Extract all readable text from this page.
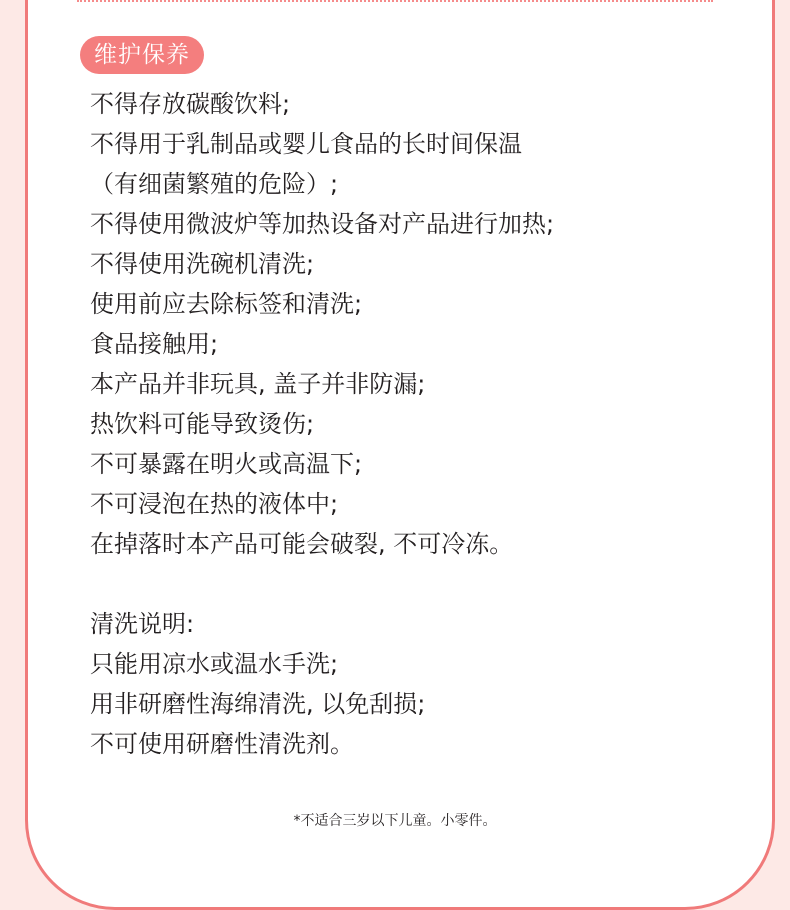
维护保养
不得存放碳酸饮料;
不得用于乳制品或婴儿食品的长时间保温
（有细菌繁殖的危险）;
不得使用微波炉等加热设备对产品进行加热;
不得使用洗碗机清洗;
使用前应去除标签和清洗;
食品接触用;
本产品并非玩具, 盖子并非防漏;
热饮料可能导致烫伤;
不可暴露在明火或高温下;
不可浸泡在热的液体中;
在掉落时本产品可能会破裂, 不可冷冻。
清洗说明:
只能用凉水或温水手洗;
用非研磨性海绵清洗, 以免刮损;
不可使用研磨性清洗剂。
*不适合三岁以下儿童。小零件。
